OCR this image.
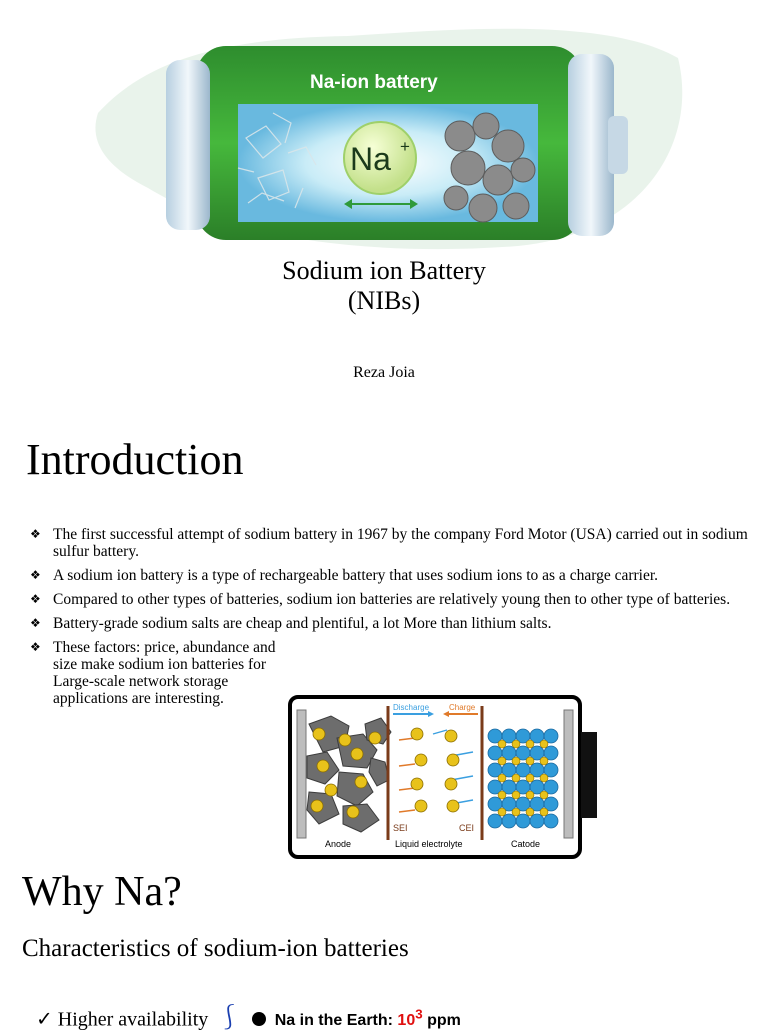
Na-ion battery
Na +
Sodium ion Battery
(NIBs)
Reza Joia
Introduction
❖ The first successful attempt of sodium battery in 1967 by the company Ford Motor (USA) carried out in sodium sulfur battery.
❖ A sodium ion battery is a type of rechargeable battery that uses sodium ions to as a charge carrier.
❖ Compared to other types of batteries, sodium ion batteries are relatively young then to other type of batteries.
❖ Battery-grade sodium salts are cheap and plentiful, a lot More than lithium salts.
❖ These factors: price, abundance and size make sodium ion batteries for Large-scale network storage applications are interesting.
Discharge Charge
SEI	CEI
Anode	Liquid electrolyte	Catode
Why Na?
Characteristics of sodium-ion batteries
✓ Higher availability ⎰ Na in the Earth: $10^3$ ppm
